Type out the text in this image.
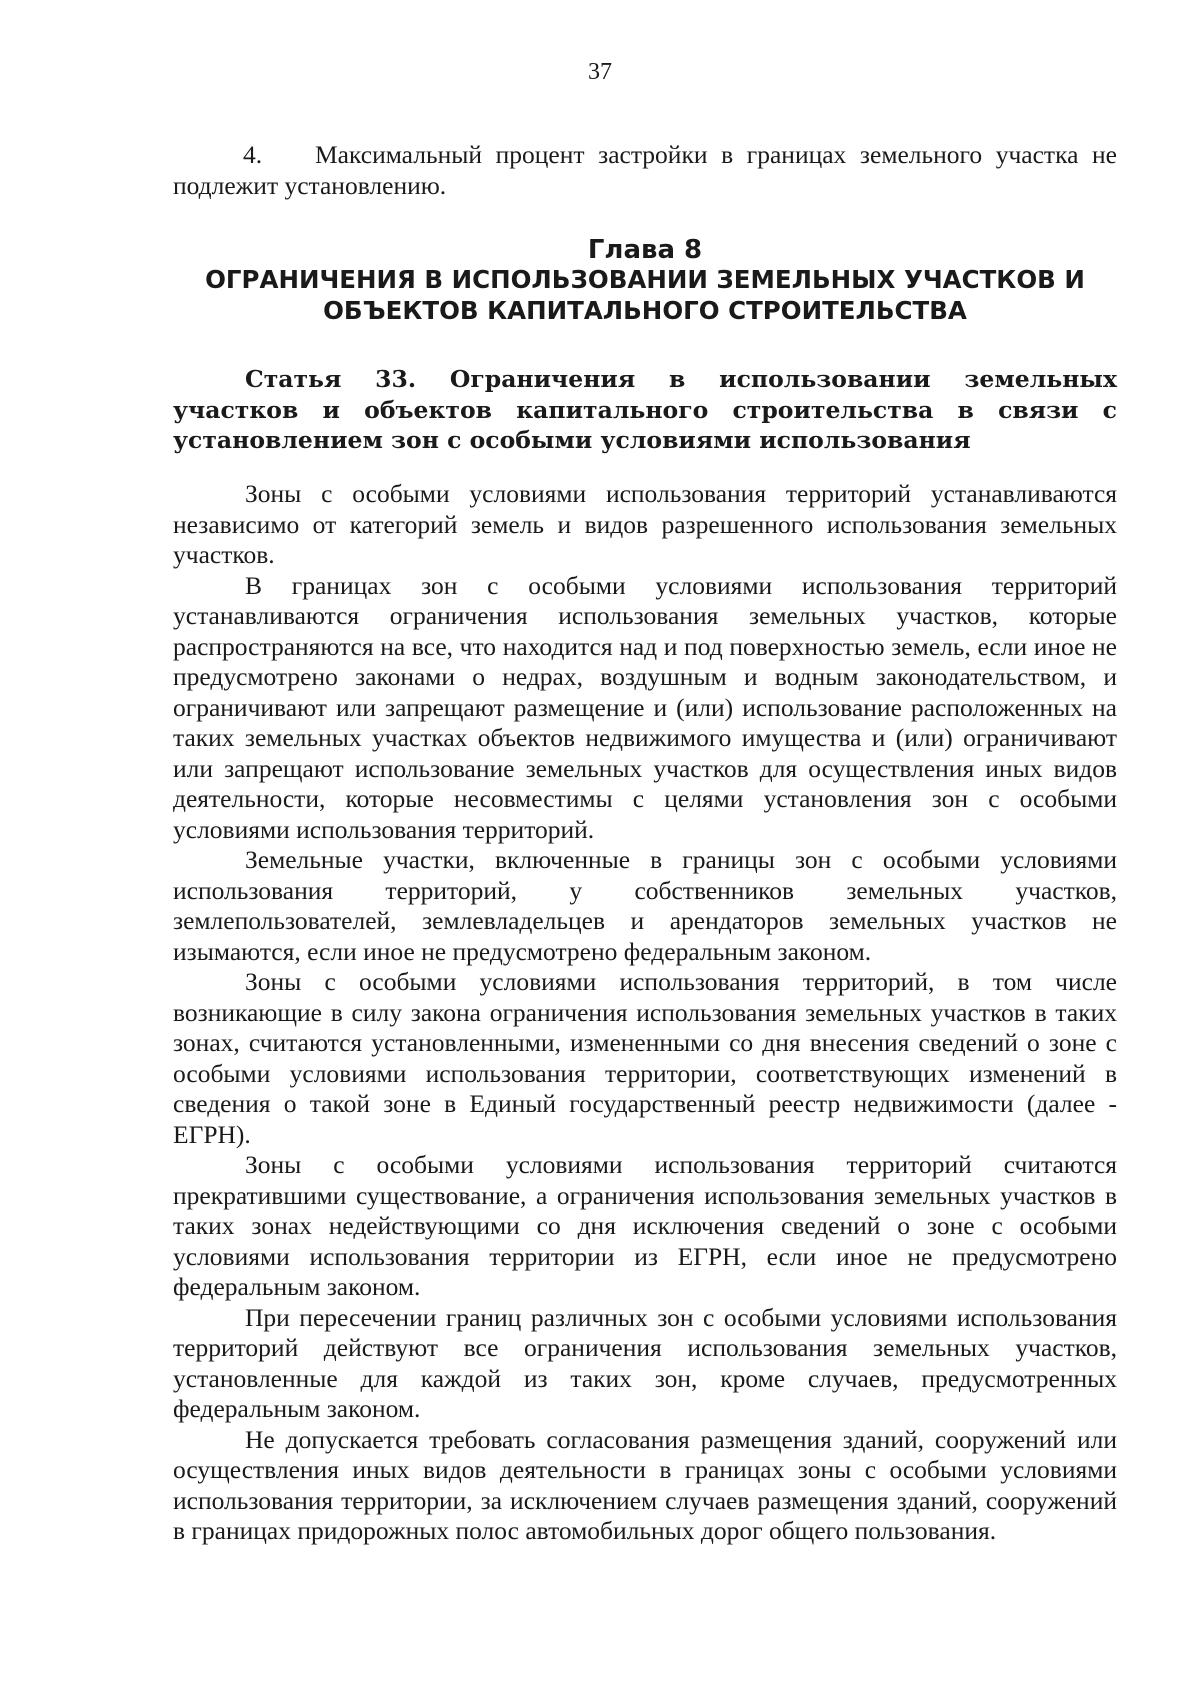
37

4. Максимальный процент застройки в границах земельного участка не подлежит установлению.

Глава 8

ОГРАНИЧЕНИЯ В ИСПОЛЬЗОВАНИИ ЗЕМЕЛЬНЫХ УЧАСТКОВ И ОБЪЕКТОВ КАПИТАЛЬНОГО СТРОИТЕЛЬСТВА

Статья 33. Ограничения в использовании земельных участков и объектов капитального строительства в связи с установлением зон с особыми условиями использования

Зоны с особыми условиями использования территорий устанавливаются независимо от категорий земель и видов разрешенного использования земельных участков.

В границах зон с особыми условиями использования территорий устанавливаются ограничения использования земельных участков, которые распространяются на все, что находится над и под поверхностью земель, если иное не предусмотрено законами о недрах, воздушным и водным законодательством, и ограничивают или запрещают размещение и (или) использование расположенных на таких земельных участках объектов недвижимого имущества и (или) ограничивают или запрещают использование земельных участков для осуществления иных видов деятельности, которые несовместимы с целями установления зон с особыми условиями использования территорий.

Земельные участки, включенные в границы зон с особыми условиями использования территорий, у собственников земельных участков, землепользователей, землевладельцев и арендаторов земельных участков не изымаются, если иное не предусмотрено федеральным законом.

Зоны с особыми условиями использования территорий, в том числе возникающие в силу закона ограничения использования земельных участков в таких зонах, считаются установленными, измененными со дня внесения сведений о зоне с особыми условиями использования территории, соответствующих изменений в сведения о такой зоне в Единый государственный реестр недвижимости (далее - ЕГРН).

Зоны с особыми условиями использования территорий считаются прекратившими существование, а ограничения использования земельных участков в таких зонах недействующими со дня исключения сведений о зоне с особыми условиями использования территории из ЕГРН, если иное не предусмотрено федеральным законом.

При пересечении границ различных зон с особыми условиями использования территорий действуют все ограничения использования земельных участков, установленные для каждой из таких зон, кроме случаев, предусмотренных федеральным законом.

Не допускается требовать согласования размещения зданий, сооружений или осуществления иных видов деятельности в границах зоны с особыми условиями использования территории, за исключением случаев размещения зданий, сооружений в границах придорожных полос автомобильных дорог общего пользования.
